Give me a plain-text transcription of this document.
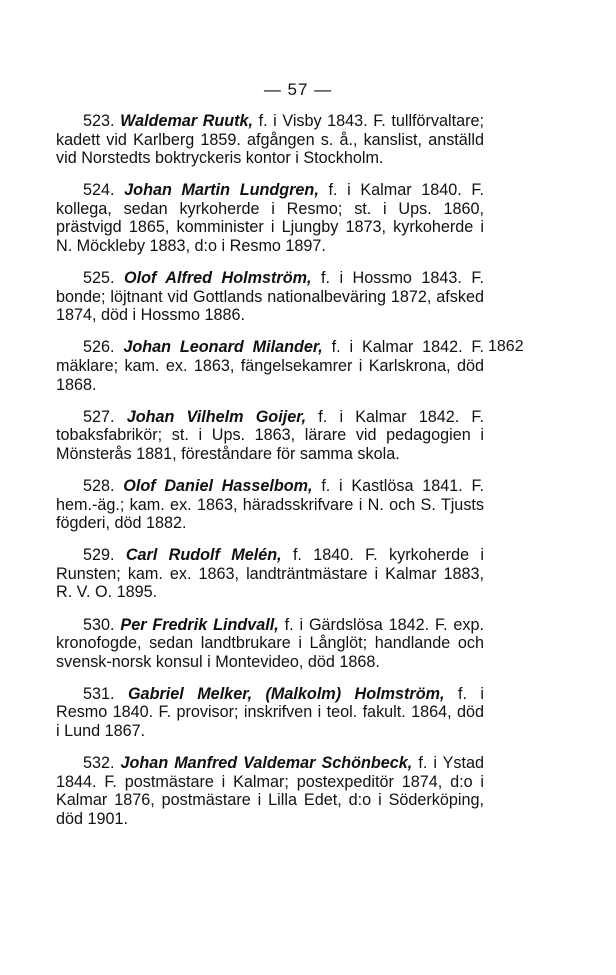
— 57 —

523. Waldemar Ruutk, f. i Visby 1843. F. tullförvaltare; kadett vid Karlberg 1859. afgången s. å., kanslist, anställd vid Norstedts boktryckeris kontor i Stockholm.

524. Johan Martin Lundgren, f. i Kalmar 1840. F. kollega, sedan kyrkoherde i Resmo; st. i Ups. 1860, prästvigd 1865, komminister i Ljungby 1873, kyrkoherde i N. Möckleby 1883, d:o i Resmo 1897.

525. Olof Alfred Holmström, f. i Hossmo 1843. F. bonde; löjtnant vid Gottlands nationalbeväring 1872, afsked 1874, död i Hossmo 1886.

1862
526. Johan Leonard Milander, f. i Kalmar 1842. F. mäklare; kam. ex. 1863, fängelsekamrer i Karlskrona, död 1868.

527. Johan Vilhelm Goijer, f. i Kalmar 1842. F. tobaksfabrikör; st. i Ups. 1863, lärare vid pedagogien i Mönsterås 1881, föreståndare för samma skola.

528. Olof Daniel Hasselbom, f. i Kastlösa 1841. F. hem.-äg.; kam. ex. 1863, häradsskrifvare i N. och S. Tjusts fögderi, död 1882.

529. Carl Rudolf Melén, f. 1840. F. kyrkoherde i Runsten; kam. ex. 1863, landträntmästare i Kalmar 1883, R. V. O. 1895.

530. Per Fredrik Lindvall, f. i Gärdslösa 1842. F. exp. kronofogde, sedan landtbrukare i Långlöt; handlande och svensk-norsk konsul i Montevideo, död 1868.

531. Gabriel Melker, (Malkolm) Holmström, f. i Resmo 1840. F. provisor; inskrifven i teol. fakult. 1864, död i Lund 1867.

532. Johan Manfred Valdemar Schönbeck, f. i Ystad 1844. F. postmästare i Kalmar; postexpeditör 1874, d:o i Kalmar 1876, postmästare i Lilla Edet, d:o i Söderköping, död 1901.
